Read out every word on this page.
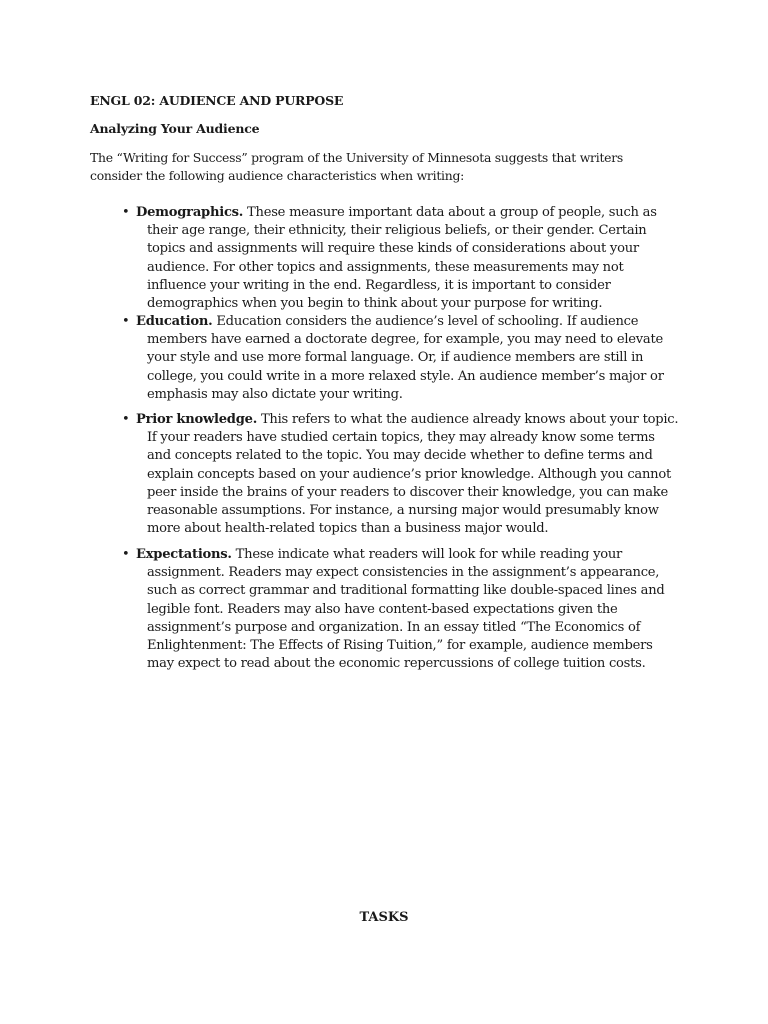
ENGL 02: AUDIENCE AND PURPOSE
Analyzing Your Audience

The “Writing for Success” program of the University of Minnesota suggests that writers consider the following audience characteristics when writing:

• Demographics. These measure important data about a group of people, such as their age range, their ethnicity, their religious beliefs, or their gender. Certain topics and assignments will require these kinds of considerations about your audience. For other topics and assignments, these measurements may not influence your writing in the end. Regardless, it is important to consider demographics when you begin to think about your purpose for writing.
• Education. Education considers the audience’s level of schooling. If audience members have earned a doctorate degree, for example, you may need to elevate your style and use more formal language. Or, if audience members are still in college, you could write in a more relaxed style. An audience member’s major or emphasis may also dictate your writing.
• Prior knowledge. This refers to what the audience already knows about your topic. If your readers have studied certain topics, they may already know some terms and concepts related to the topic. You may decide whether to define terms and explain concepts based on your audience’s prior knowledge. Although you cannot peer inside the brains of your readers to discover their knowledge, you can make reasonable assumptions. For instance, a nursing major would presumably know more about health-related topics than a business major would.
• Expectations. These indicate what readers will look for while reading your assignment. Readers may expect consistencies in the assignment’s appearance, such as correct grammar and traditional formatting like double-spaced lines and legible font. Readers may also have content-based expectations given the assignment’s purpose and organization. In an essay titled “The Economics of Enlightenment: The Effects of Rising Tuition,” for example, audience members may expect to read about the economic repercussions of college tuition costs.
TASKS
